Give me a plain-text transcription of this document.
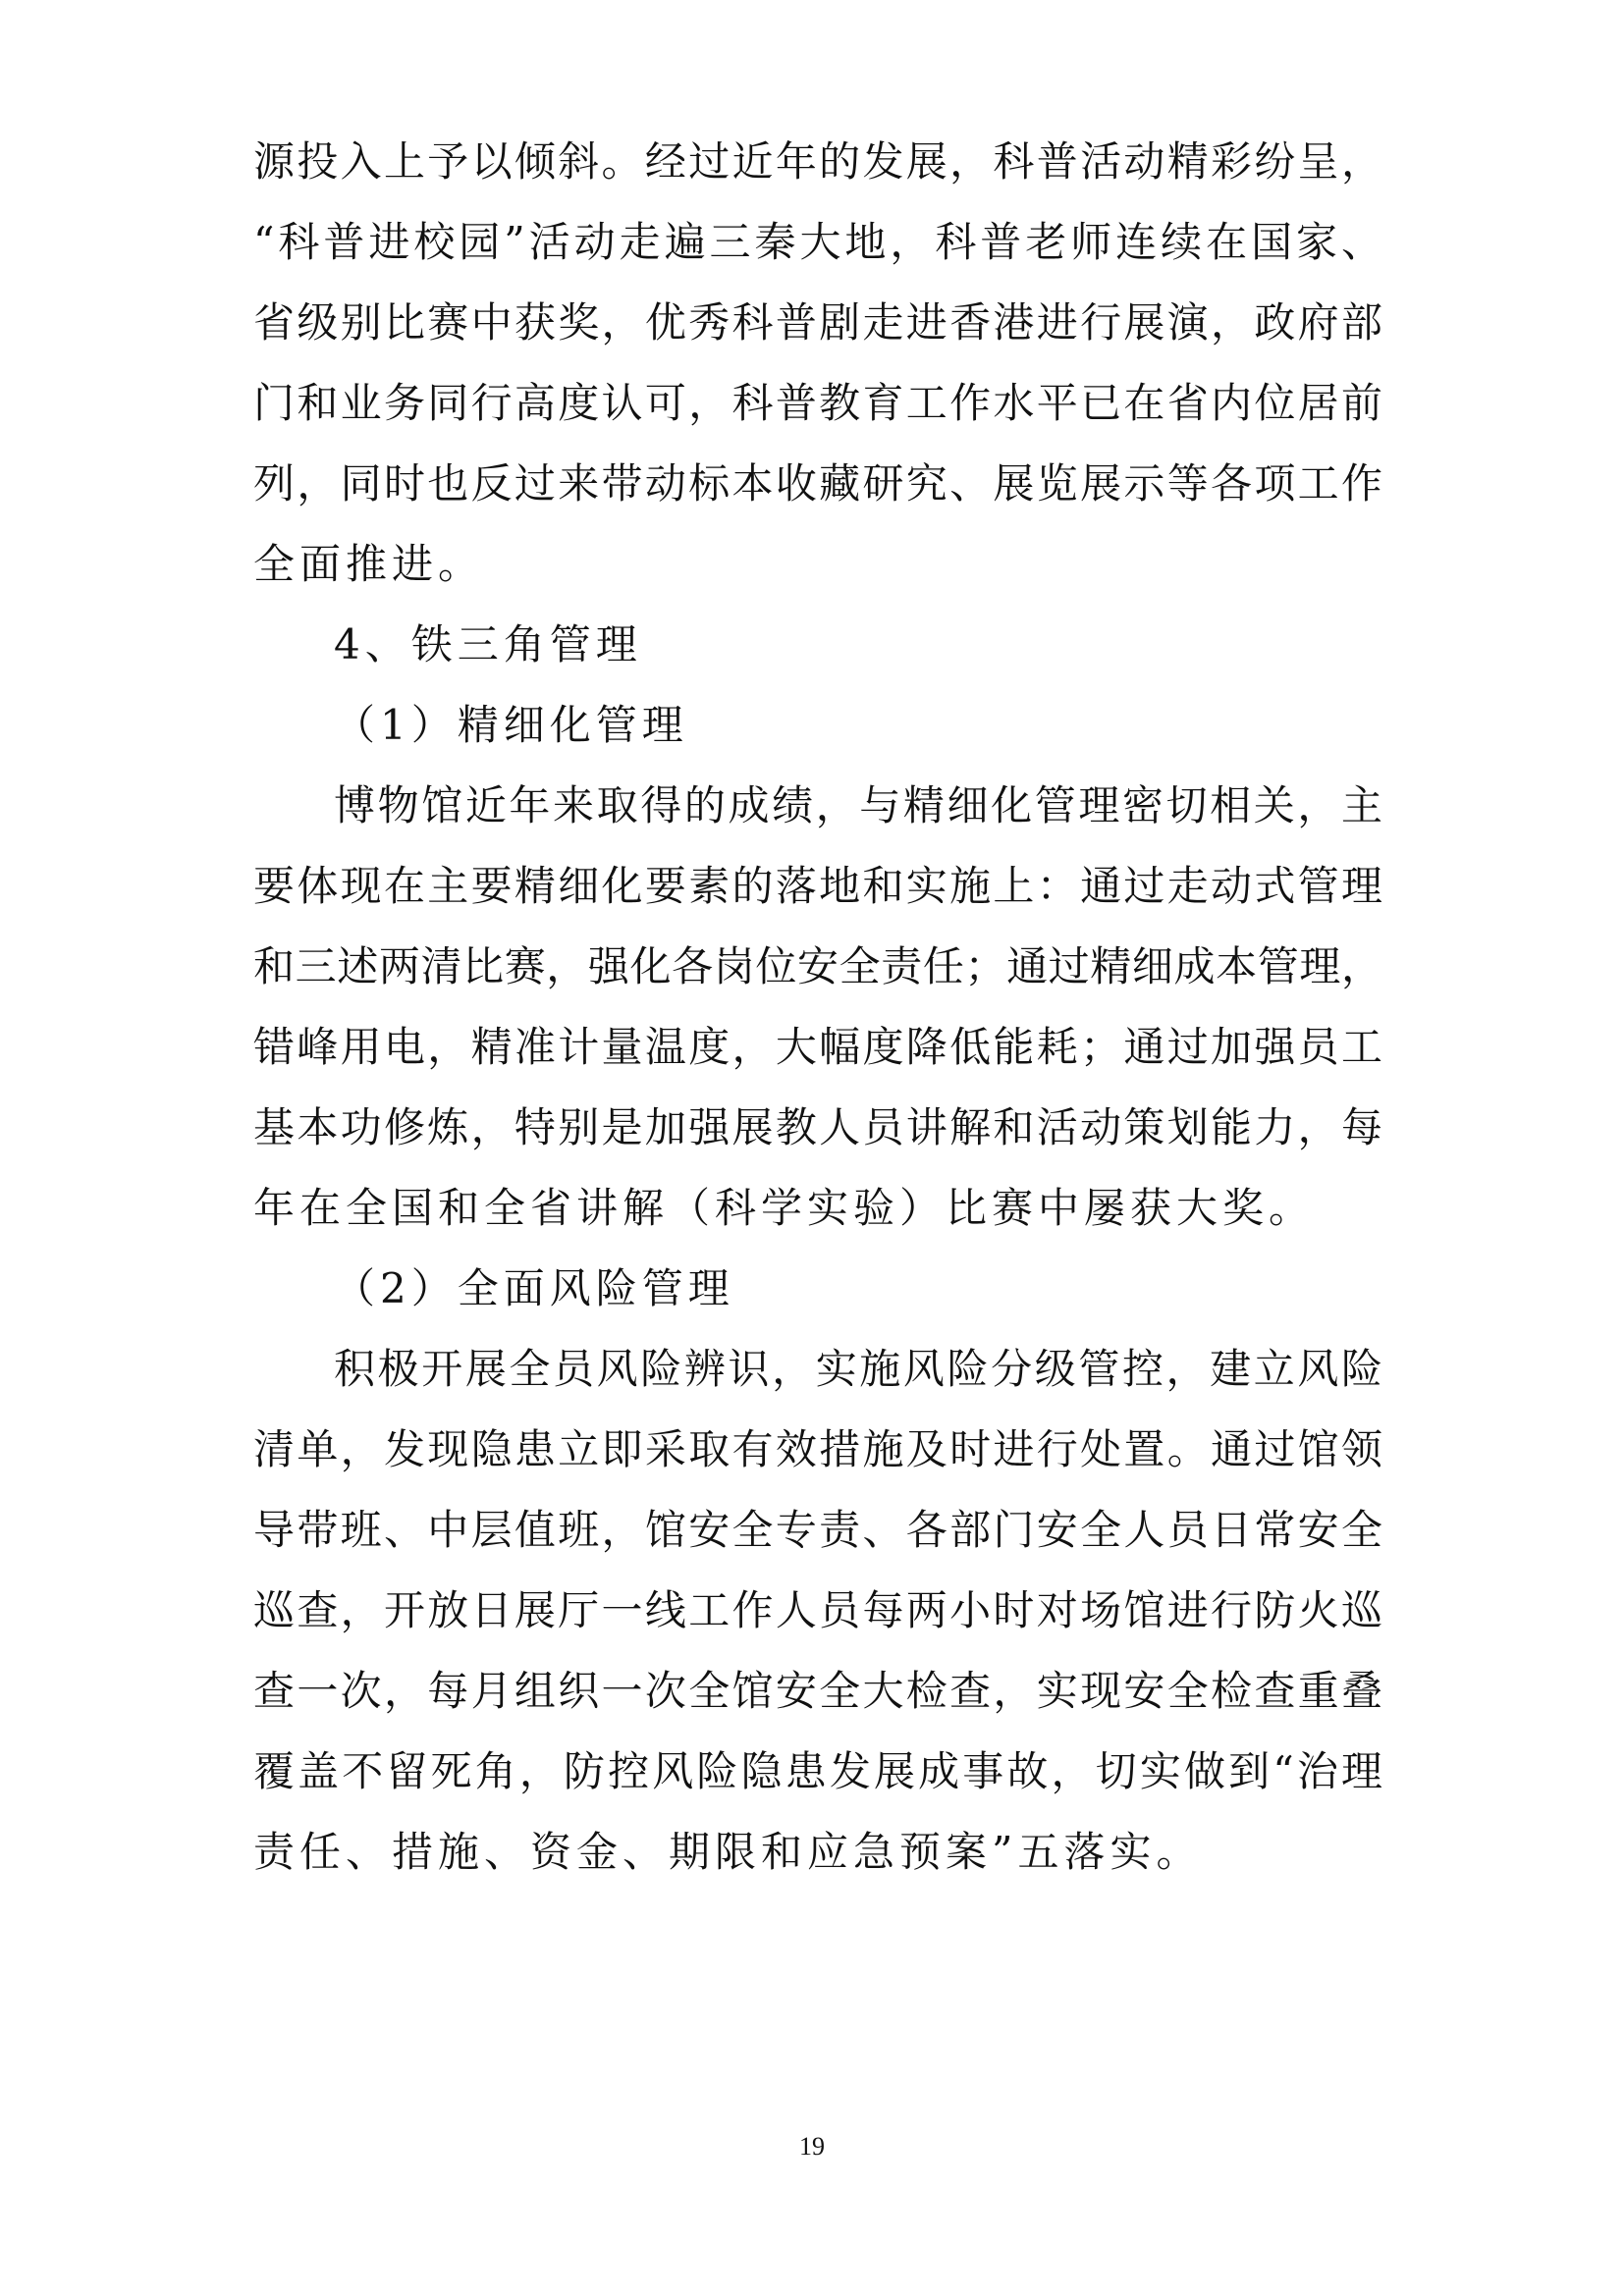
源投入上予以倾斜。经过近年的发展，科普活动精彩纷呈，
“科普进校园”活动走遍三秦大地，科普老师连续在国家、
省级别比赛中获奖，优秀科普剧走进香港进行展演，政府部
门和业务同行高度认可，科普教育工作水平已在省内位居前
列，同时也反过来带动标本收藏研究、展览展示等各项工作
全面推进。
4、铁三角管理
（1）精细化管理
博物馆近年来取得的成绩，与精细化管理密切相关，主
要体现在主要精细化要素的落地和实施上：通过走动式管理
和三述两清比赛，强化各岗位安全责任；通过精细成本管理，
错峰用电，精准计量温度，大幅度降低能耗；通过加强员工
基本功修炼，特别是加强展教人员讲解和活动策划能力，每
年在全国和全省讲解（科学实验）比赛中屡获大奖。
（2）全面风险管理
积极开展全员风险辨识，实施风险分级管控，建立风险
清单，发现隐患立即采取有效措施及时进行处置。通过馆领
导带班、中层值班，馆安全专责、各部门安全人员日常安全
巡查，开放日展厅一线工作人员每两小时对场馆进行防火巡
查一次，每月组织一次全馆安全大检查，实现安全检查重叠
覆盖不留死角，防控风险隐患发展成事故，切实做到“治理
责任、措施、资金、期限和应急预案”五落实。
19
